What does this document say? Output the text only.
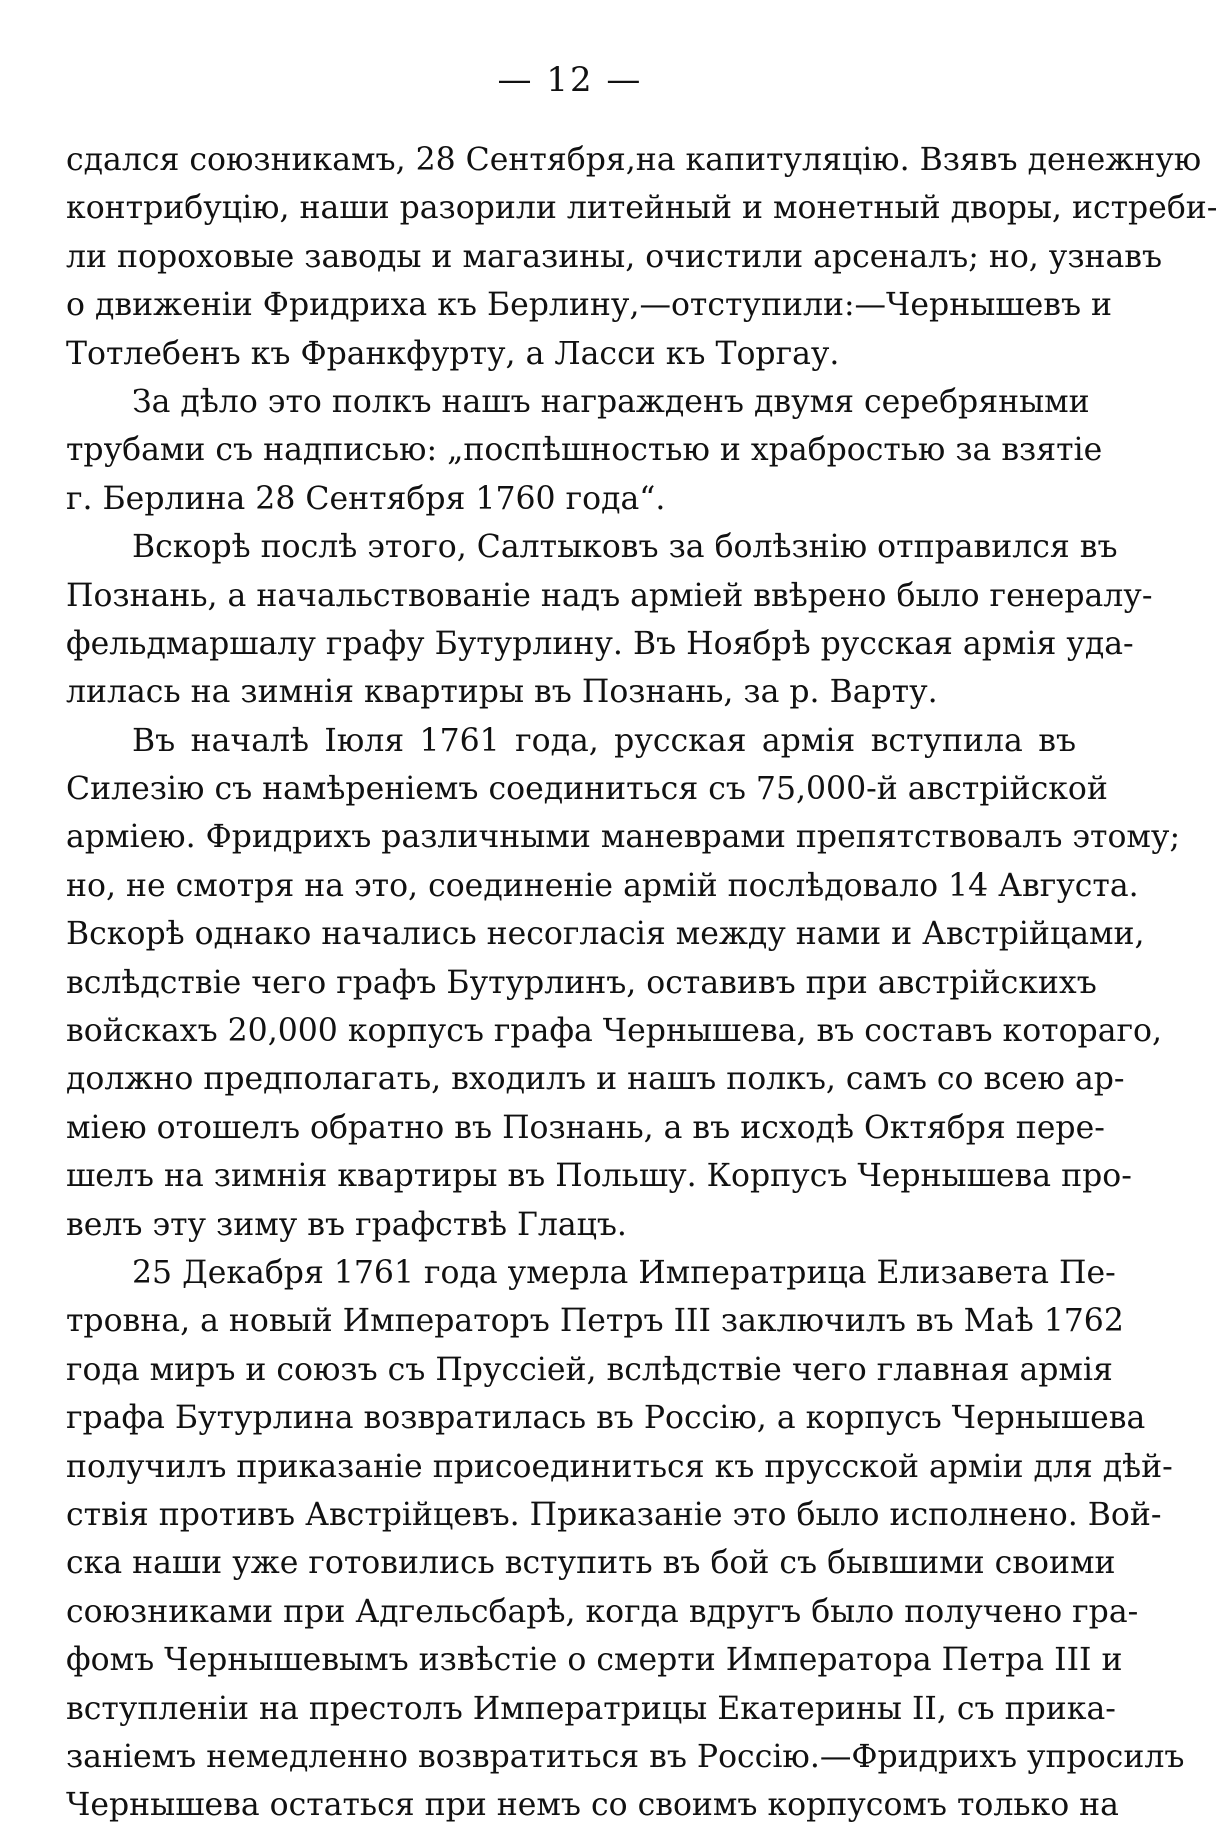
— 12 —
сдался союзникамъ, 28 Сентября,на капитуляцію. Взявъ денежную
контрибуцію, наши разорили литейный и монетный дворы, истреби-
ли пороховые заводы и магазины, очистили арсеналъ; но, узнавъ
о движеніи Фридриха къ Берлину,—отступили:—Чернышевъ и
Тотлебенъ къ Франкфурту, а Ласси къ Торгау.
За дѣло это полкъ нашъ награжденъ двумя серебряными
трубами съ надписью: „поспѣшностью и храбростью за взятіе
г. Берлина 28 Сентября 1760 года“.
Вскорѣ послѣ этого, Салтыковъ за болѣзнію отправился въ
Познань, а начальствованіе надъ арміей ввѣрено было генералу-
фельдмаршалу графу Бутурлину. Въ Ноябрѣ русская армія уда-
лилась на зимнія квартиры въ Познань, за р. Варту.
Въ началѣ Іюля 1761 года, русская армія вступила въ
Силезію съ намѣреніемъ соединиться съ 75,000-й австрійской
арміею. Фридрихъ различными маневрами препятствовалъ этому;
но, не смотря на это, соединеніе армій послѣдовало 14 Августа.
Вскорѣ однако начались несогласія между нами и Австрійцами,
вслѣдствіе чего графъ Бутурлинъ, оставивъ при австрійскихъ
войскахъ 20,000 корпусъ графа Чернышева, въ составъ котораго,
должно предполагать, входилъ и нашъ полкъ, самъ со всею ар-
міею отошелъ обратно въ Познань, а въ исходѣ Октября пере-
шелъ на зимнія квартиры въ Польшу. Корпусъ Чернышева про-
велъ эту зиму въ графствѣ Глацъ.
25 Декабря 1761 года умерла Императрица Елизавета Пе-
тровна, а новый Императоръ Петръ III заключилъ въ Маѣ 1762
года миръ и союзъ съ Пруссіей, вслѣдствіе чего главная армія
графа Бутурлина возвратилась въ Россію, а корпусъ Чернышева
получилъ приказаніе присоединиться къ прусской арміи для дѣй-
ствія противъ Австрійцевъ. Приказаніе это было исполнено. Вой-
ска наши уже готовились вступить въ бой съ бывшими своими
союзниками при Адгельсбарѣ, когда вдругъ было получено гра-
фомъ Чернышевымъ извѣстіе о смерти Императора Петра III и
вступленіи на престолъ Императрицы Екатерины II, съ прика-
заніемъ немедленно возвратиться въ Россію.—Фридрихъ упросилъ
Чернышева остаться при немъ со своимъ корпусомъ только на
